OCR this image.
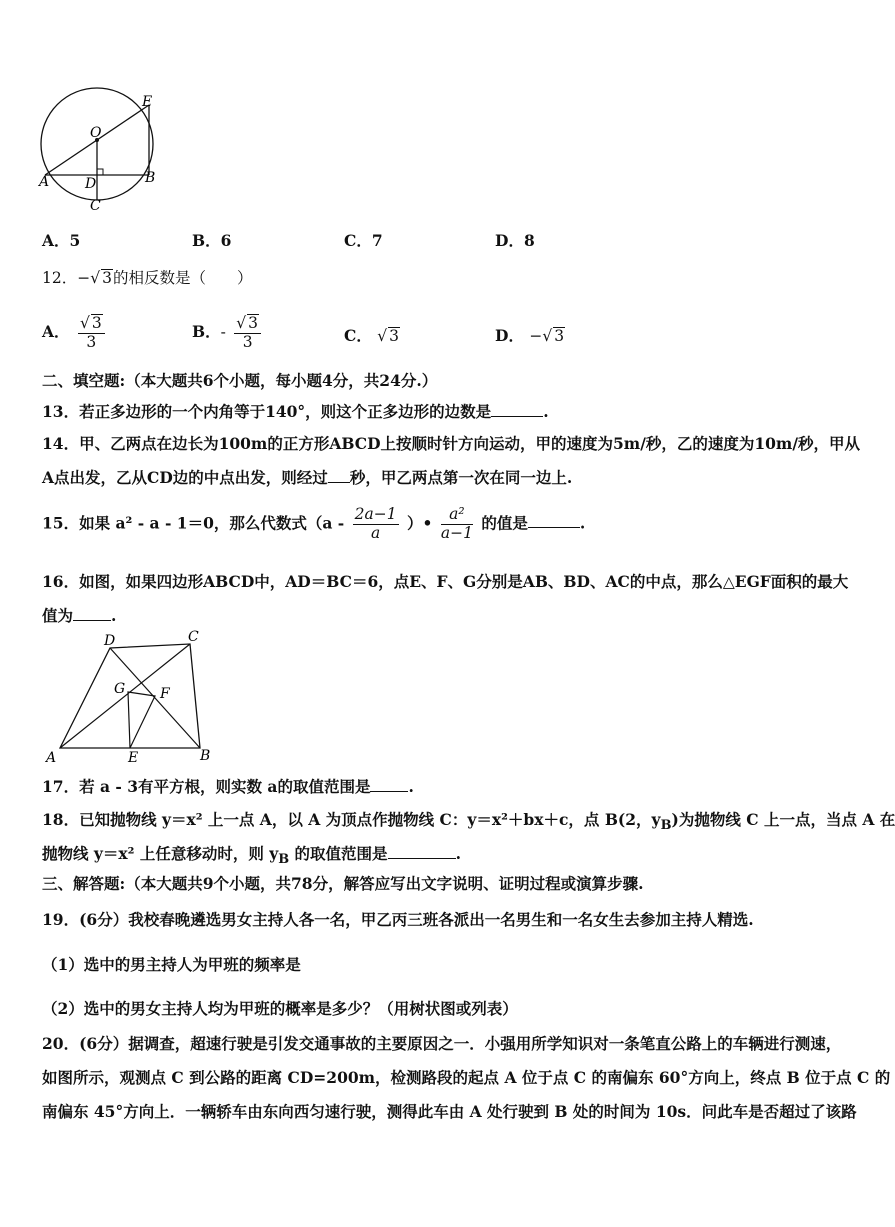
O
E
A	D	B
C
A．5	B．6	C．7	D．8
12．−√ 3的相反数是（　　）
A． $\frac{√ 3}{3}$	B．- $\frac{√ 3}{3}$	C． √ 3	D． −√ 3
二、填空题:（本大题共6个小题，每小题4分，共24分.）
13．若正多边形的一个内角等于140°，则这个正多边形的边数是	.
14．甲、乙两点在边长为100m的正方形ABCD上按顺时针方向运动，甲的速度为5m/秒，乙的速度为10m/秒，甲从
A点出发，乙从CD边的中点出发，则经过 秒，甲乙两点第一次在同一边上.
15．如果 a² - a - 1＝0，那么代数式（$a - \frac{2a-1}{a}$ ）• $\frac{\text{a²}}{a-1}$ 的值是	.
16．如图，如果四边形ABCD中，AD＝BC＝6，点E、F、G分别是AB、BD、AC的中点，那么△EGF面积的最大
值为 .
D	C
G F
A	E	B
17．若 a - 3有平方根，则实数 a的取值范围是 .
18．已知抛物线 y＝x² 上一点 A，以 A 为顶点作抛物线 C：y＝x²＋bx＋c，点 B(2，$y_B$)为抛物线 C 上一点，当点 A 在
抛物线 y＝x² 上任意移动时，则 $y_B$ 的取值范围是	.
三、解答题:（本大题共9个小题，共78分，解答应写出文字说明、证明过程或演算步骤.
19．(6分）我校春晚遴选男女主持人各一名，甲乙丙三班各派出一名男生和一名女生去参加主持人精选.
（1）选中的男主持人为甲班的频率是
（2）选中的男女主持人均为甲班的概率是多少？（用树状图或列表）
20．(6分）据调查，超速行驶是引发交通事故的主要原因之一．小强用所学知识对一条笔直公路上的车辆进行测速，
如图所示，观测点 C 到公路的距离 CD=200m，检测路段的起点 A 位于点 C 的南偏东 60°方向上，终点 B 位于点 C 的
南偏东 45°方向上．一辆轿车由东向西匀速行驶，测得此车由 A 处行驶到 B 处的时间为 10s．问此车是否超过了该路
